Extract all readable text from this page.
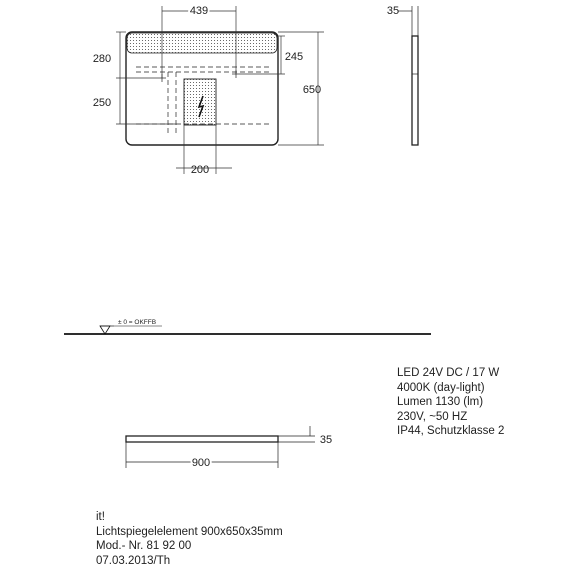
439
280
250
245
650
200
35
± 0 = OKFFB
35
900
LED 24V DC / 17 W
4000K (day-light)
Lumen 1130 (lm)
230V, ~50 HZ
IP44, Schutzklasse 2
it!
Lichtspiegelelement 900x650x35mm
Mod.- Nr. 81 92 00
07.03.2013/Th
